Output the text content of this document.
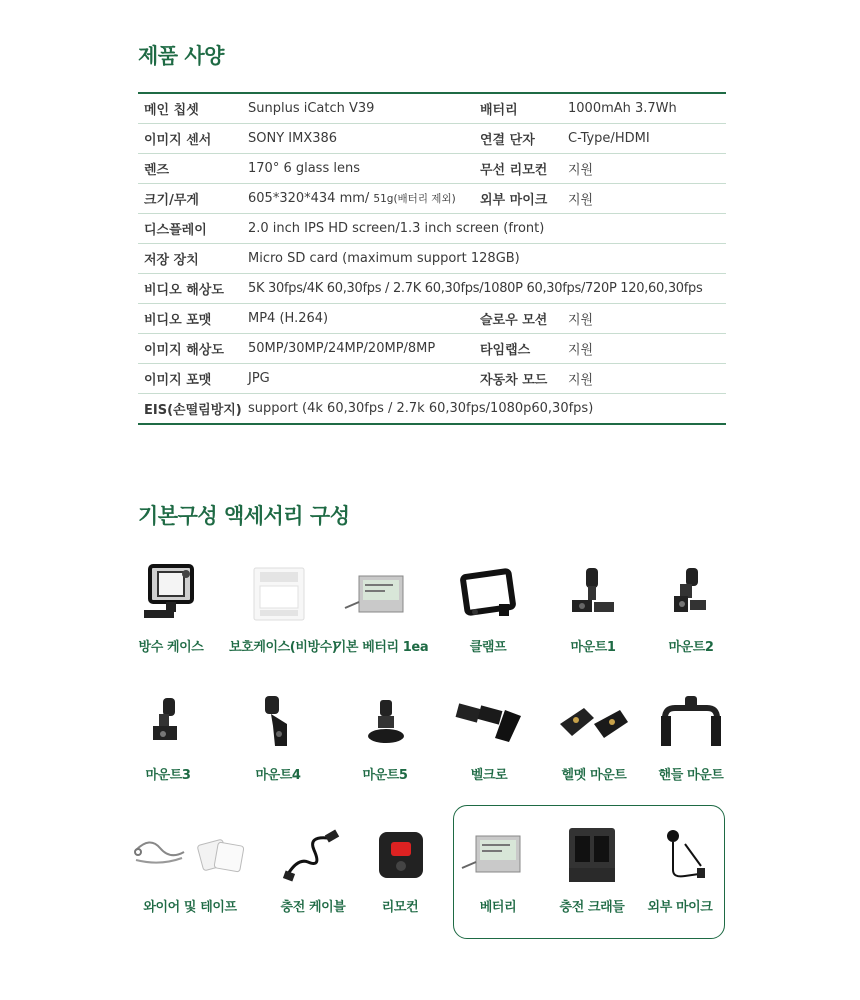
제품 사양
메인 칩셋	Sunplus iCatch V39	배터리	1000mAh 3.7Wh
이미지 센서	SONY IMX386	연결 단자	C-Type/HDMI
렌즈	170° 6 glass lens	무선 리모컨	지원
크기/무게	605*320*434 mm/ 51g(배터리 제외)	외부 마이크	지원
디스플레이	2.0 inch IPS HD screen/1.3 inch screen (front)		
저장 장치	Micro SD card (maximum support 128GB)		
비디오 해상도	5K 30fps/4K 60,30fps / 2.7K 60,30fps/1080P 60,30fps/720P 120,60,30fps		
비디오 포맷	MP4 (H.264)	슬로우 모션	지원
이미지 해상도	50MP/30MP/24MP/20MP/8MP	타임랩스	지원
이미지 포맷	JPG	자동차 모드	지원
EIS(손떨림방지)	support (4k 60,30fps / 2.7k 60,30fps/1080p60,30fps)		
기본구성 액세서리 구성
방수 케이스	보호케이스(비방수)
기본 베터리 1ea	클램프	마운트1	마운트2
마운트3	마운트4	마운트5	벨크로	헬멧 마운트	핸들 마운트
와이어 및 테이프	충전 케이블	리모컨	베터리	충전 크래들	외부 마이크
